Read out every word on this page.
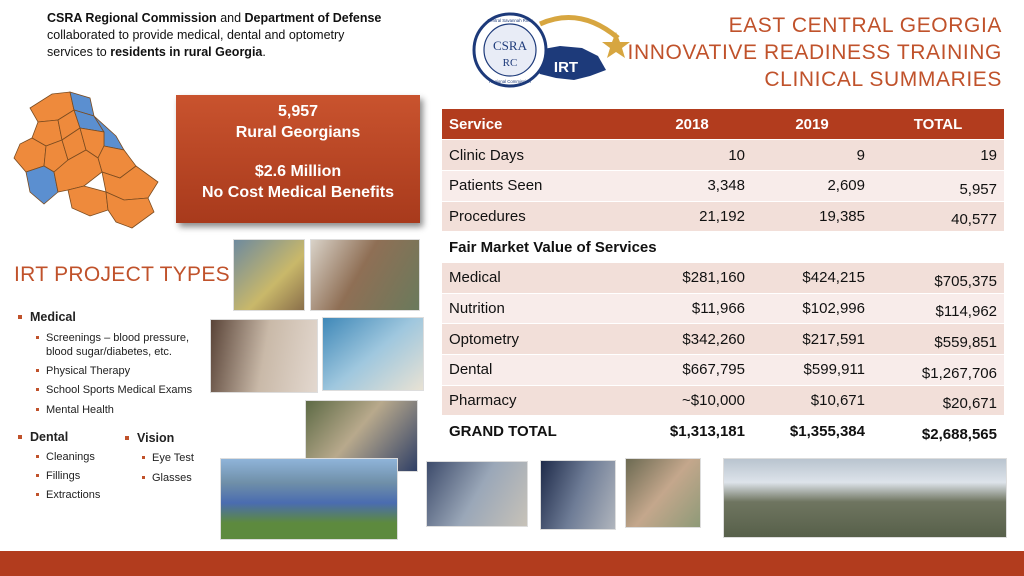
CSRA Regional Commission and Department of Defense
collaborated to provide medical, dental and optometry
services to residents in rural Georgia.	CSRA
RC
Central Savannah River
Regional Commission
IRT
EAST CENTRAL GEORGIA
INNOVATIVE READINESS TRAINING
CLINICAL SUMMARIES
5,957
Rural Georgians
$2.6 Million
No Cost Medical Benefits
IRT PROJECT TYPES
Medical
Screenings – blood pressure,
blood sugar/diabetes, etc.
Physical Therapy
School Sports Medical Exams
Mental Health
Dental
Cleanings
Fillings
Extractions
Vision
Eye Test
Glasses
Service	2018	2019	TOTAL
Clinic Days	10	9	19
Patients Seen	3,348	2,609	5,957
Procedures	21,192	19,385	40,577
Fair Market Value of Services			
Medical	$281,160	$424,215	$705,375
Nutrition	$11,966	$102,996	$114,962
Optometry	$342,260	$217,591	$559,851
Dental	$667,795	$599,911	$1,267,706
Pharmacy	~$10,000	$10,671	$20,671
GRAND TOTAL	$1,313,181	$1,355,384	$2,688,565
